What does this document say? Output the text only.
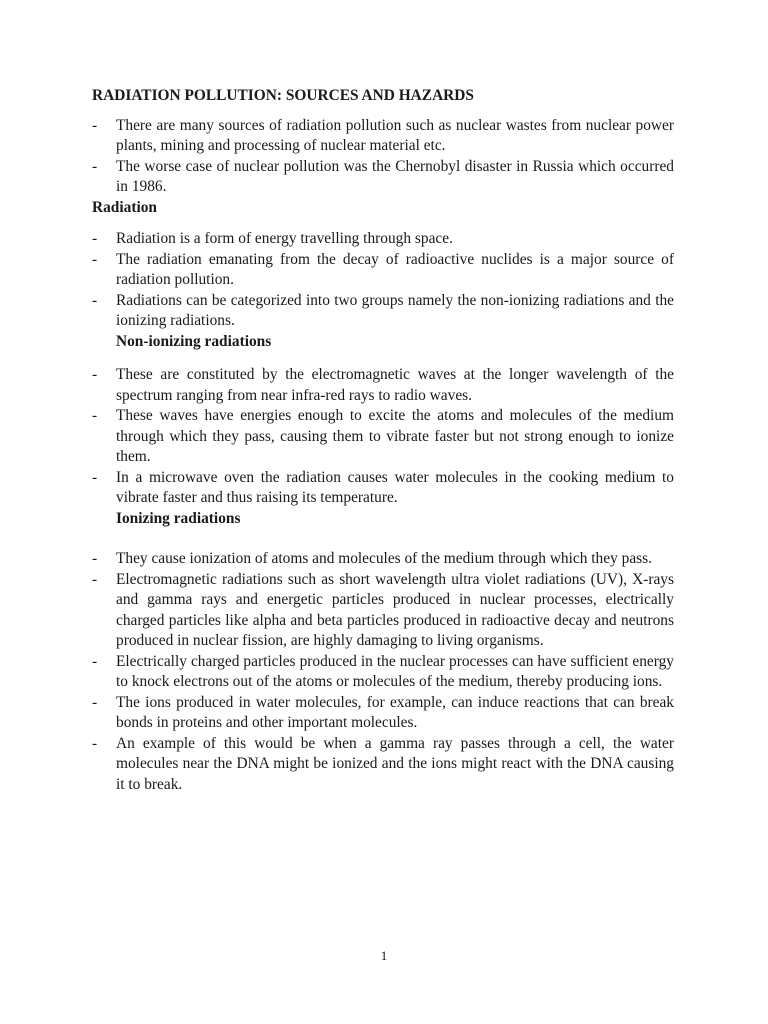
RADIATION POLLUTION: SOURCES AND HAZARDS

- There are many sources of radiation pollution such as nuclear wastes from nuclear power plants, mining and processing of nuclear material etc.
- The worse case of nuclear pollution was the Chernobyl disaster in Russia which occurred in 1986.

Radiation

- Radiation is a form of energy travelling through space.
- The radiation emanating from the decay of radioactive nuclides is a major source of radiation pollution.
- Radiations can be categorized into two groups namely the non-ionizing radiations and the ionizing radiations.

Non-ionizing radiations

- These are constituted by the electromagnetic waves at the longer wavelength of the spectrum ranging from near infra-red rays to radio waves.
- These waves have energies enough to excite the atoms and molecules of the medium through which they pass, causing them to vibrate faster but not strong enough to ionize them.
- In a microwave oven the radiation causes water molecules in the cooking medium to vibrate faster and thus raising its temperature.

Ionizing radiations

- They cause ionization of atoms and molecules of the medium through which they pass.
- Electromagnetic radiations such as short wavelength ultra violet radiations (UV), X-rays and gamma rays and energetic particles produced in nuclear processes, electrically charged particles like alpha and beta particles produced in radioactive decay and neutrons produced in nuclear fission, are highly damaging to living organisms.
- Electrically charged particles produced in the nuclear processes can have sufficient energy to knock electrons out of the atoms or molecules of the medium, thereby producing ions.
- The ions produced in water molecules, for example, can induce reactions that can break bonds in proteins and other important molecules.
- An example of this would be when a gamma ray passes through a cell, the water molecules near the DNA might be ionized and the ions might react with the DNA causing it to break.
1
